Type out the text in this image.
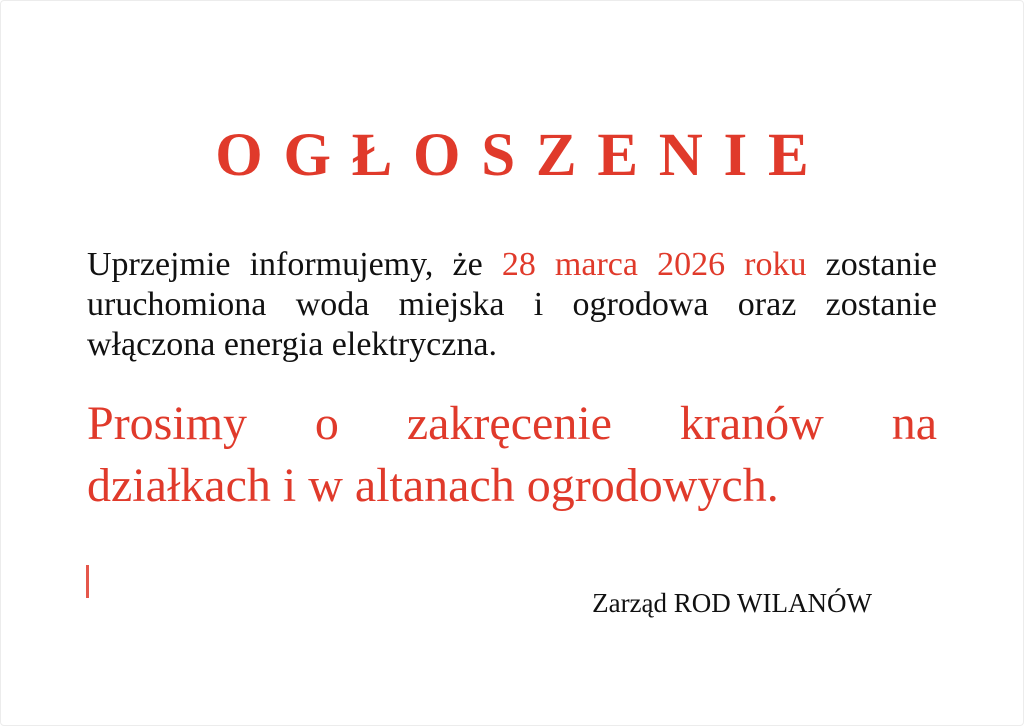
OGŁOSZENIE
Uprzejmie informujemy, że 28 marca 2026 roku zostanie
uruchomiona woda miejska i ogrodowa oraz zostanie
włączona energia elektryczna.
Prosimy o zakręcenie kranów na
działkach i w altanach ogrodowych.
Zarząd ROD WILANÓW
